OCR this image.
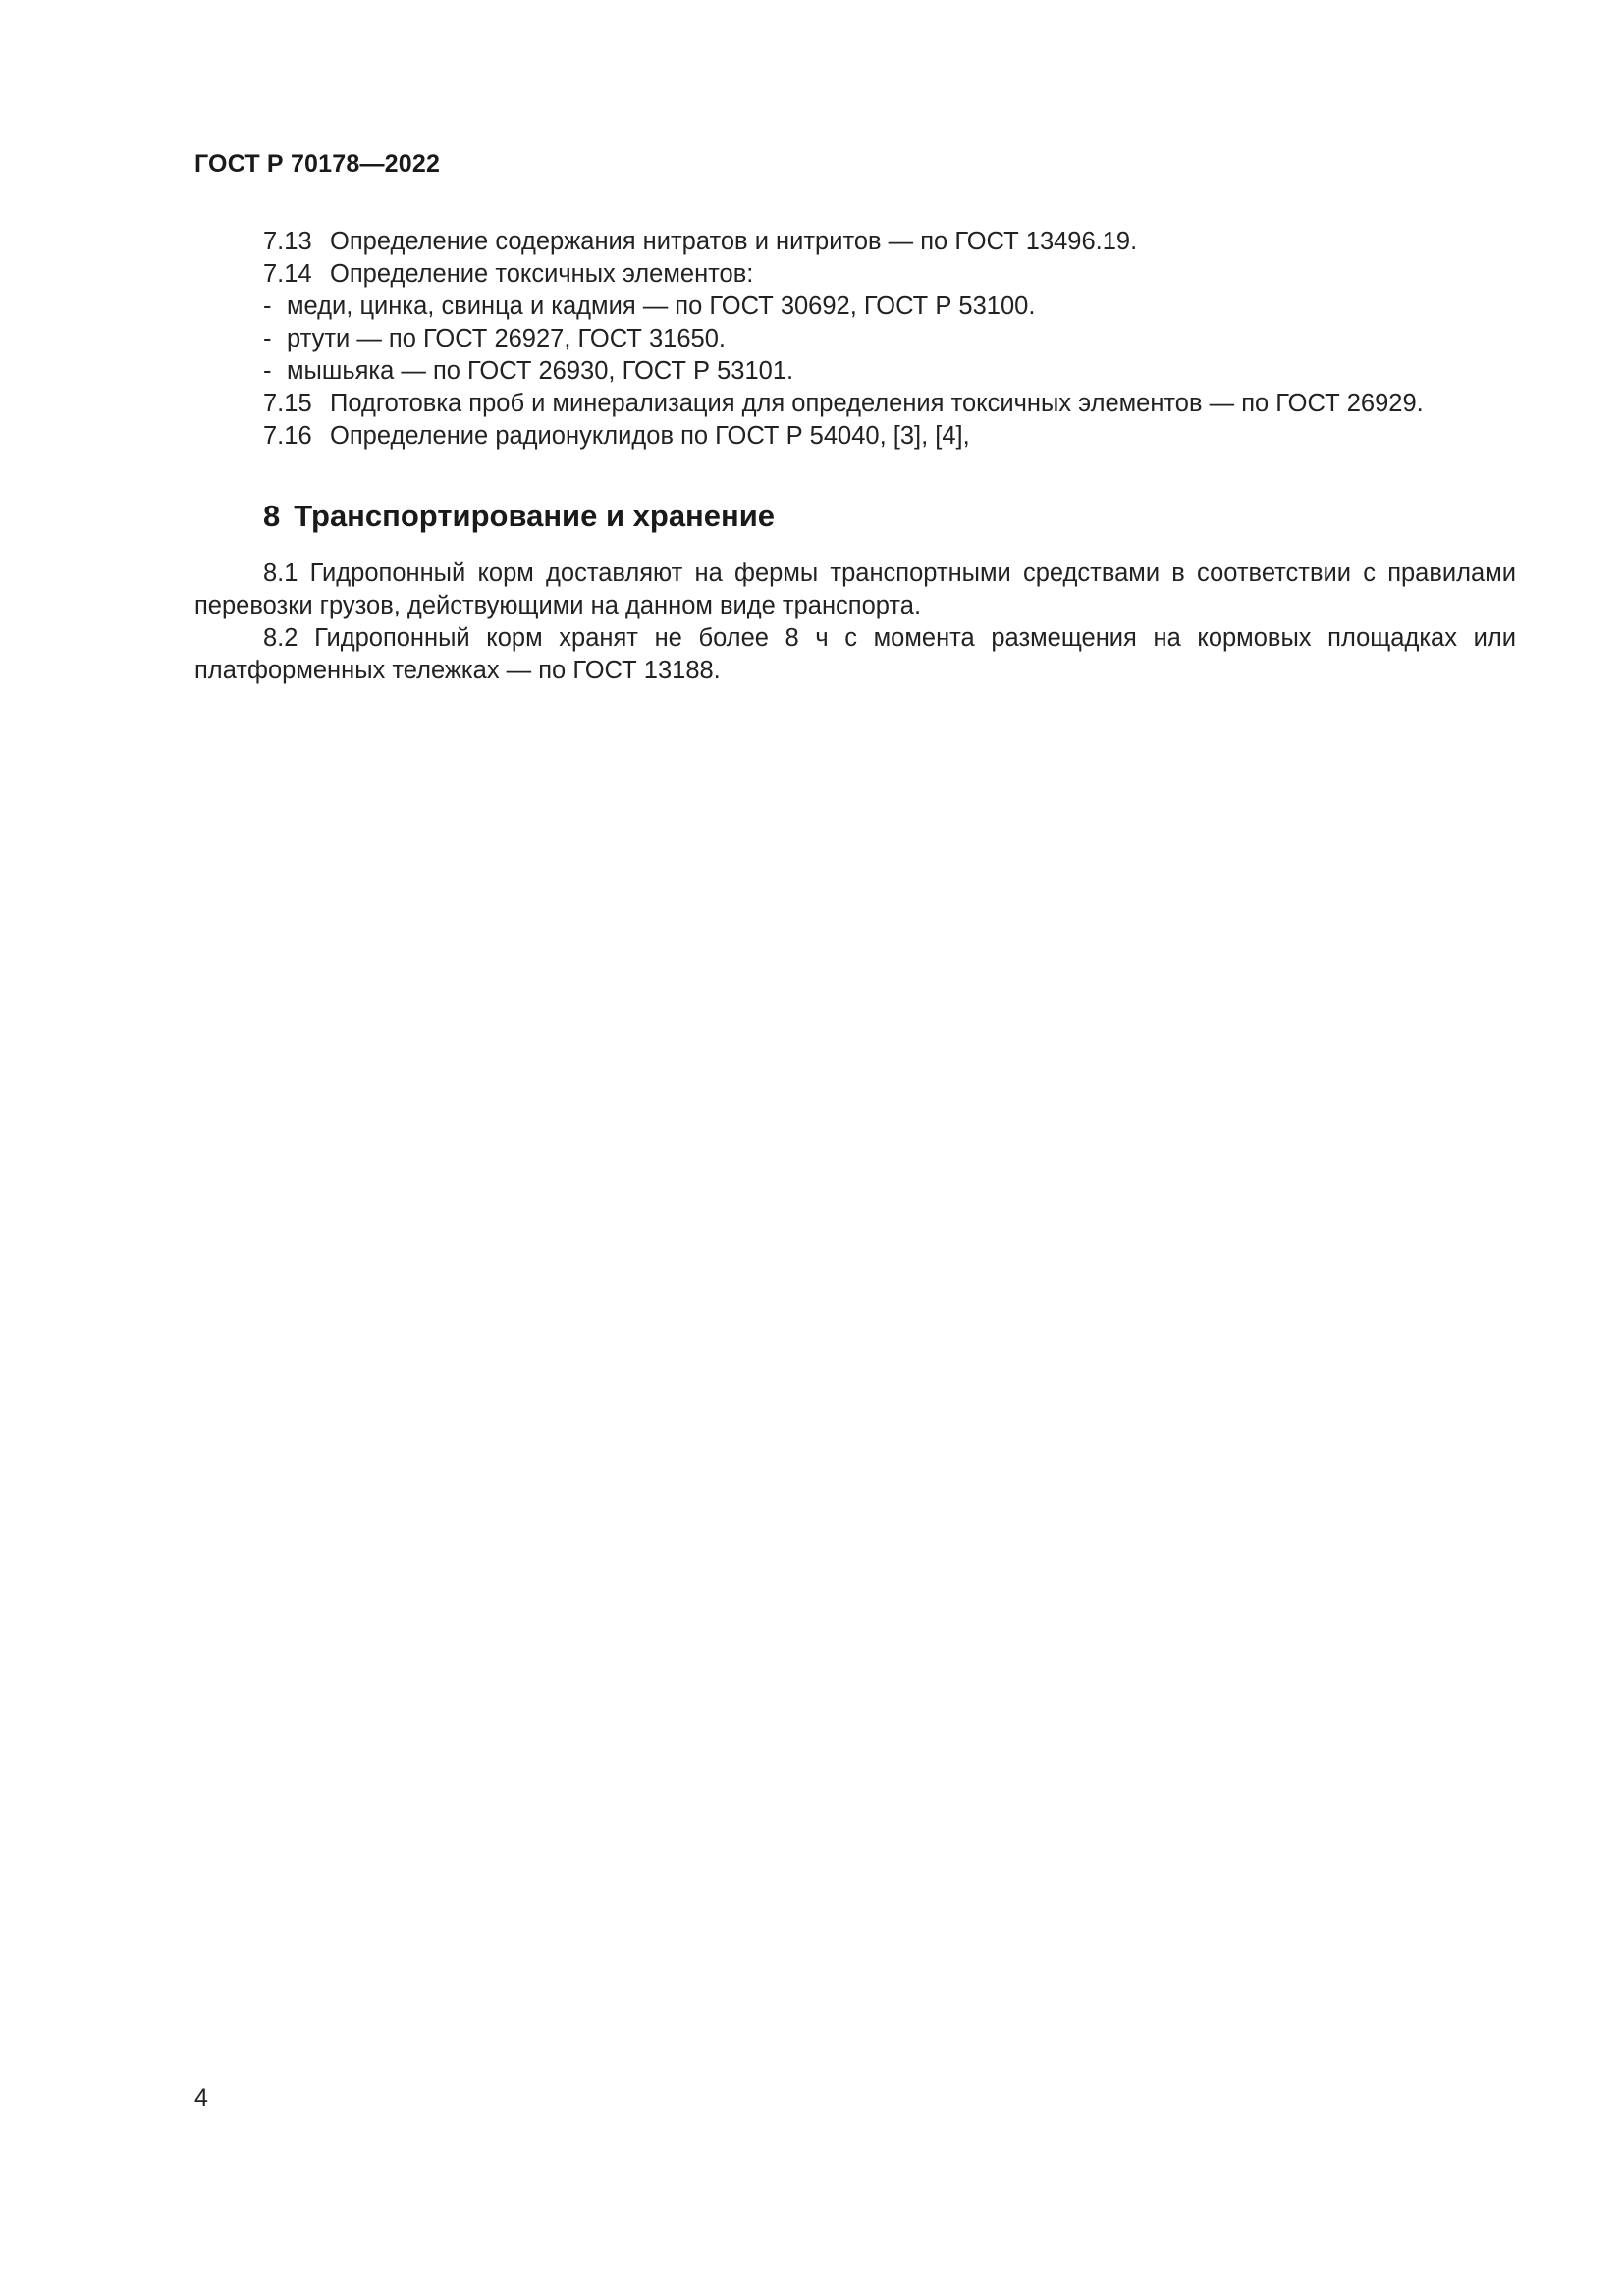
ГОСТ Р 70178—2022
7.13 Определение содержания нитратов и нитритов — по ГОСТ 13496.19.
7.14 Определение токсичных элементов:
- меди, цинка, свинца и кадмия — по ГОСТ 30692, ГОСТ Р 53100.
- ртути — по ГОСТ 26927, ГОСТ 31650.
- мышьяка — по ГОСТ 26930, ГОСТ Р 53101.
7.15 Подготовка проб и минерализация для определения токсичных элементов — по ГОСТ 26929.
7.16 Определение радионуклидов по ГОСТ Р 54040, [3], [4],
8 Транспортирование и хранение

8.1 Гидропонный корм доставляют на фермы транспортными средствами в соответствии с правилами перевозки грузов, действующими на данном виде транспорта.

8.2 Гидропонный корм хранят не более 8 ч с момента размещения на кормовых площадках или платформенных тележках — по ГОСТ 13188.

4
